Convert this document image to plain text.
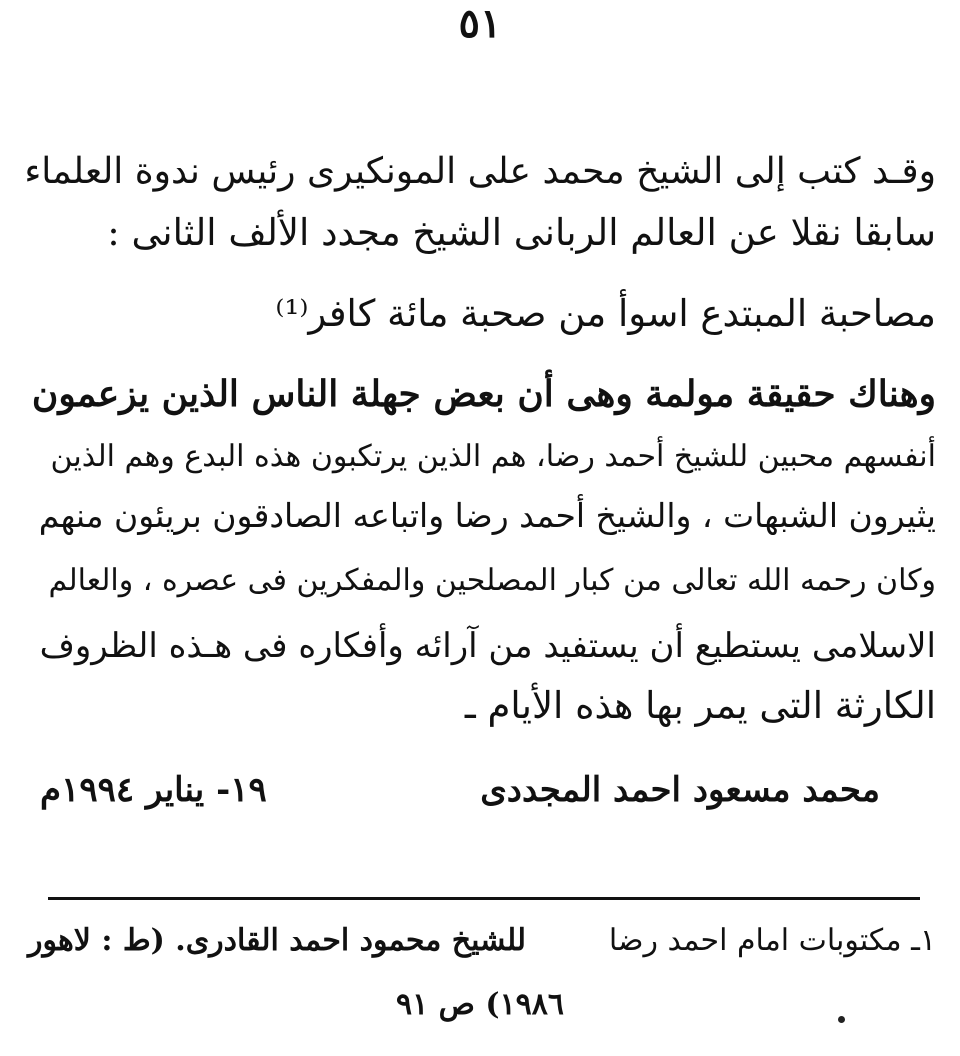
٥١
وقـد كتب إلى الشيخ محمد على المونكيرى رئيس ندوة العلماء
سابقا نقلا عن العالم الربانى الشيخ مجدد الألف الثانى :
مصاحبة المبتدع اسوأ من صحبة مائة كافر⁽¹⁾
وهناك حقيقة مولمة وهى أن بعض جهلة الناس الذين يزعمون
أنفسهم محبين للشيخ أحمد رضا، هم الذين يرتكبون هذه البدع وهم الذين
يثيرون الشبهات ، والشيخ أحمد رضا واتباعه الصادقون بريئون منهم
وكان رحمه الله تعالى من كبار المصلحين والمفكرين فى عصره ، والعالم
الاسلامى يستطيع أن يستفيد من آرائه وأفكاره فى هـذه الظروف
الكارثة التى يمر بها هذه الأيام ـ
١٩- يناير ١٩٩٤م	محمد مسعود احمد المجددى
١ـ مكتوبات امام احمد رضا
للشيخ محمود احمد القادرى. (ط : لاهور
١٩٨٦) ص ٩١
